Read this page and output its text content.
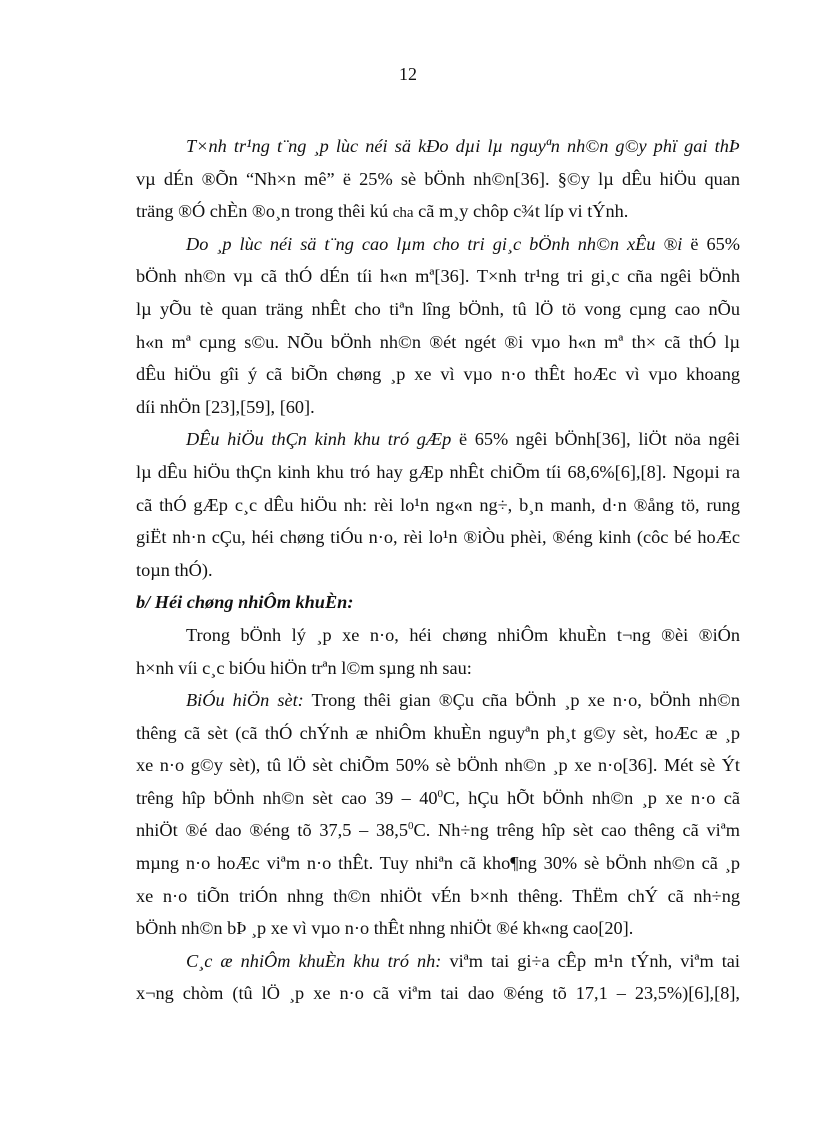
12
T×nh tr¹ng t¨ng ¸p lùc néi sä kÐo dµi lµ nguyªn nh©n g©y phï gai thÞ
vµ dÉn ®Õn “Nh×n mê” ë 25% sè bÖnh nh©n[36]. §©y lµ dÊu hiÖu quan
träng ®Ó chÈn ®o¸n trong thêi kú cha cã m¸y chôp c¾t líp vi tÝnh.
Do ¸p lùc néi sä t¨ng cao lµm cho tri gi¸c bÖnh nh©n xÊu ®i ë 65%
bÖnh nh©n vµ cã thÓ dÉn tíi h«n mª[36]. T×nh tr¹ng tri gi¸c cña ngêi bÖnh
lµ yÕu tè quan träng nhÊt cho tiªn lîng bÖnh, tû lÖ tö vong cµng cao nÕu
h«n mª cµng s©u. NÕu bÖnh nh©n ®ét ngét ®i vµo h«n mª th× cã thÓ lµ
dÊu hiÖu gîi ý cã biÕn chøng ¸p xe vì vµo n·o thÊt hoÆc vì vµo khoang
díi nhÖn [23],[59], [60].
DÊu hiÖu thÇn kinh khu tró gÆp ë 65% ngêi bÖnh[36], liÖt nöa ngêi
lµ dÊu hiÖu thÇn kinh khu tró hay gÆp nhÊt chiÕm tíi 68,6%[6],[8]. Ngoµi ra
cã thÓ gÆp c¸c dÊu hiÖu nh: rèi lo¹n ng«n ng÷, b¸n manh, d·n ®ång tö, rung
giËt nh·n cÇu, héi chøng tiÓu n·o, rèi lo¹n ®iÒu phèi, ®éng kinh (côc bé hoÆc
toµn thÓ).
b/ Héi chøng nhiÔm khuÈn:
Trong bÖnh lý ¸p xe n·o, héi chøng nhiÔm khuÈn t¬ng ®èi ®iÓn
h×nh víi c¸c biÓu hiÖn trªn l©m sµng nh sau:
BiÓu hiÖn sèt: Trong thêi gian ®Çu cña bÖnh ¸p xe n·o, bÖnh nh©n
thêng cã sèt (cã thÓ chÝnh æ nhiÔm khuÈn nguyªn ph¸t g©y sèt, hoÆc æ ¸p
xe n·o g©y sèt), tû lÖ sèt chiÕm 50% sè bÖnh nh©n ¸p xe n·o[36]. Mét sè Ýt
trêng hîp bÖnh nh©n sèt cao $39 - 40^0C$, hÇu hÕt bÖnh nh©n ¸p xe n·o cã
nhiÖt ®é dao ®éng tõ 37,5 – 38,5$^0$C. Nh÷ng trêng hîp sèt cao thêng cã viªm
mµng n·o hoÆc viªm n·o thÊt. Tuy nhiªn cã kho¶ng 30% sè bÖnh nh©n cã ¸p
xe n·o tiÕn triÓn nhng th©n nhiÖt vÉn b×nh thêng. ThËm chÝ cã nh÷ng
bÖnh nh©n bÞ ¸p xe vì vµo n·o thÊt nhng nhiÖt ®é kh«ng cao[20].
C¸c æ nhiÔm khuÈn khu tró nh: viªm tai gi÷a cÊp m¹n tÝnh, viªm tai
x¬ng chòm (tû lÖ ¸p xe n·o cã viªm tai dao ®éng tõ 17,1 – 23,5%)[6],[8],
